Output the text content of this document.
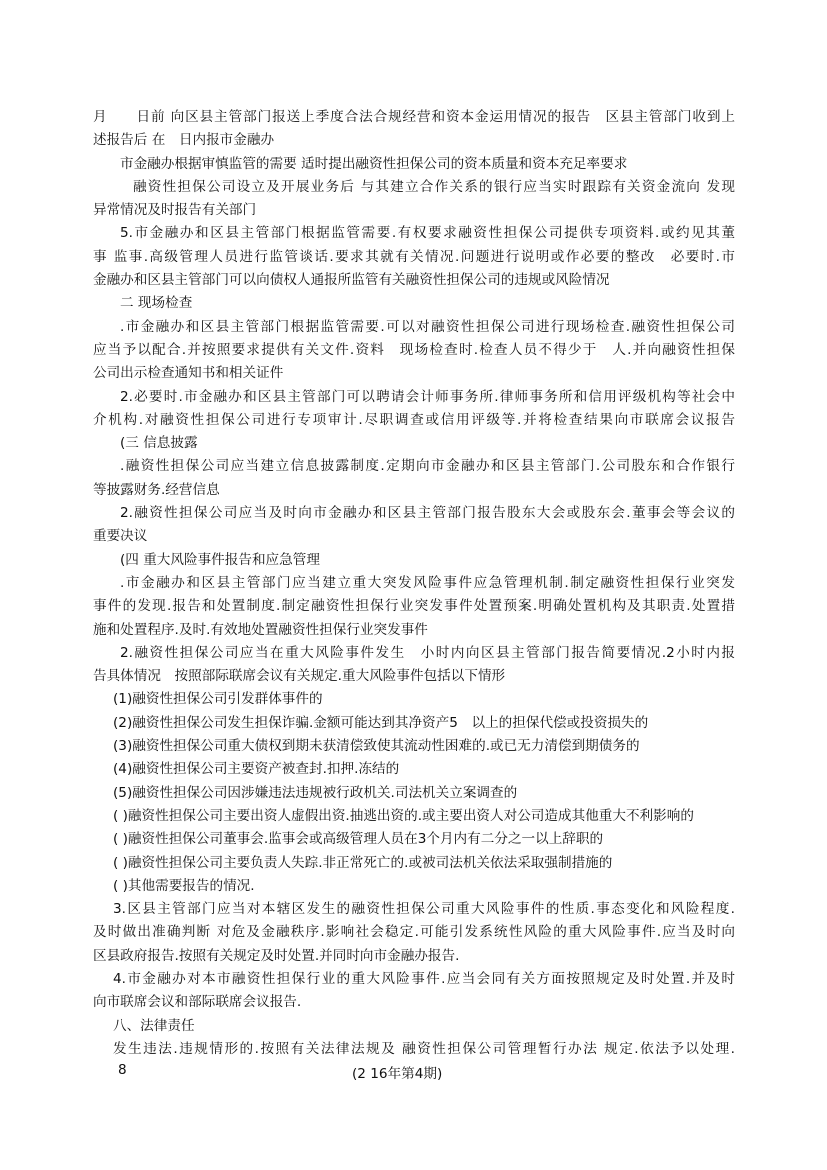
月　　日前 向区县主管部门报送上季度合法合规经营和资本金运用情况的报告　区县主管部门收到上
述报告后 在　日内报市金融办
市金融办根据审慎监管的需要 适时提出融资性担保公司的资本质量和资本充足率要求
融资性担保公司设立及开展业务后 与其建立合作关系的银行应当实时跟踪有关资金流向 发现
异常情况及时报告有关部门
5.市金融办和区县主管部门根据监管需要.有权要求融资性担保公司提供专项资料.或约见其董
事 监事.高级管理人员进行监管谈话.要求其就有关情况.问题进行说明或作必要的整改　必要时.市
金融办和区县主管部门可以向债权人通报所监管有关融资性担保公司的违规或风险情况
二 现场检查
.市金融办和区县主管部门根据监管需要.可以对融资性担保公司进行现场检查.融资性担保公司
应当予以配合.并按照要求提供有关文件.资料　现场检查时.检查人员不得少于　人.并向融资性担保
公司出示检查通知书和相关证件
2.必要时.市金融办和区县主管部门可以聘请会计师事务所.律师事务所和信用评级机构等社会中
介机构.对融资性担保公司进行专项审计.尽职调查或信用评级等.并将检查结果向市联席会议报告
(三 信息披露
.融资性担保公司应当建立信息披露制度.定期向市金融办和区县主管部门.公司股东和合作银行
等披露财务.经营信息
2.融资性担保公司应当及时向市金融办和区县主管部门报告股东大会或股东会.董事会等会议的
重要决议
(四 重大风险事件报告和应急管理
.市金融办和区县主管部门应当建立重大突发风险事件应急管理机制.制定融资性担保行业突发
事件的发现.报告和处置制度.制定融资性担保行业突发事件处置预案.明确处置机构及其职责.处置措
施和处置程序.及时.有效地处置融资性担保行业突发事件
2.融资性担保公司应当在重大风险事件发生　小时内向区县主管部门报告简要情况.2小时内报
告具体情况　按照部际联席会议有关规定.重大风险事件包括以下情形
(1)融资性担保公司引发群体事件的
(2)融资性担保公司发生担保诈骗.金额可能达到其净资产5　以上的担保代偿或投资损失的
(3)融资性担保公司重大债权到期未获清偿致使其流动性困难的.或已无力清偿到期债务的
(4)融资性担保公司主要资产被查封.扣押.冻结的
(5)融资性担保公司因涉嫌违法违规被行政机关.司法机关立案调查的
( )融资性担保公司主要出资人虚假出资.抽逃出资的.或主要出资人对公司造成其他重大不利影响的
( )融资性担保公司董事会.监事会或高级管理人员在3个月内有二分之一以上辞职的
( )融资性担保公司主要负责人失踪.非正常死亡的.或被司法机关依法采取强制措施的
( )其他需要报告的情况.
3.区县主管部门应当对本辖区发生的融资性担保公司重大风险事件的性质.事态变化和风险程度.
及时做出准确判断 对危及金融秩序.影响社会稳定.可能引发系统性风险的重大风险事件.应当及时向
区县政府报告.按照有关规定及时处置.并同时向市金融办报告.
4.市金融办对本市融资性担保行业的重大风险事件.应当会同有关方面按照规定及时处置.并及时
向市联席会议和部际联席会议报告.
八、法律责任
发生违法.违规情形的.按照有关法律法规及 融资性担保公司管理暂行办法 规定.依法予以处理.
8	(2 16年第4期)
